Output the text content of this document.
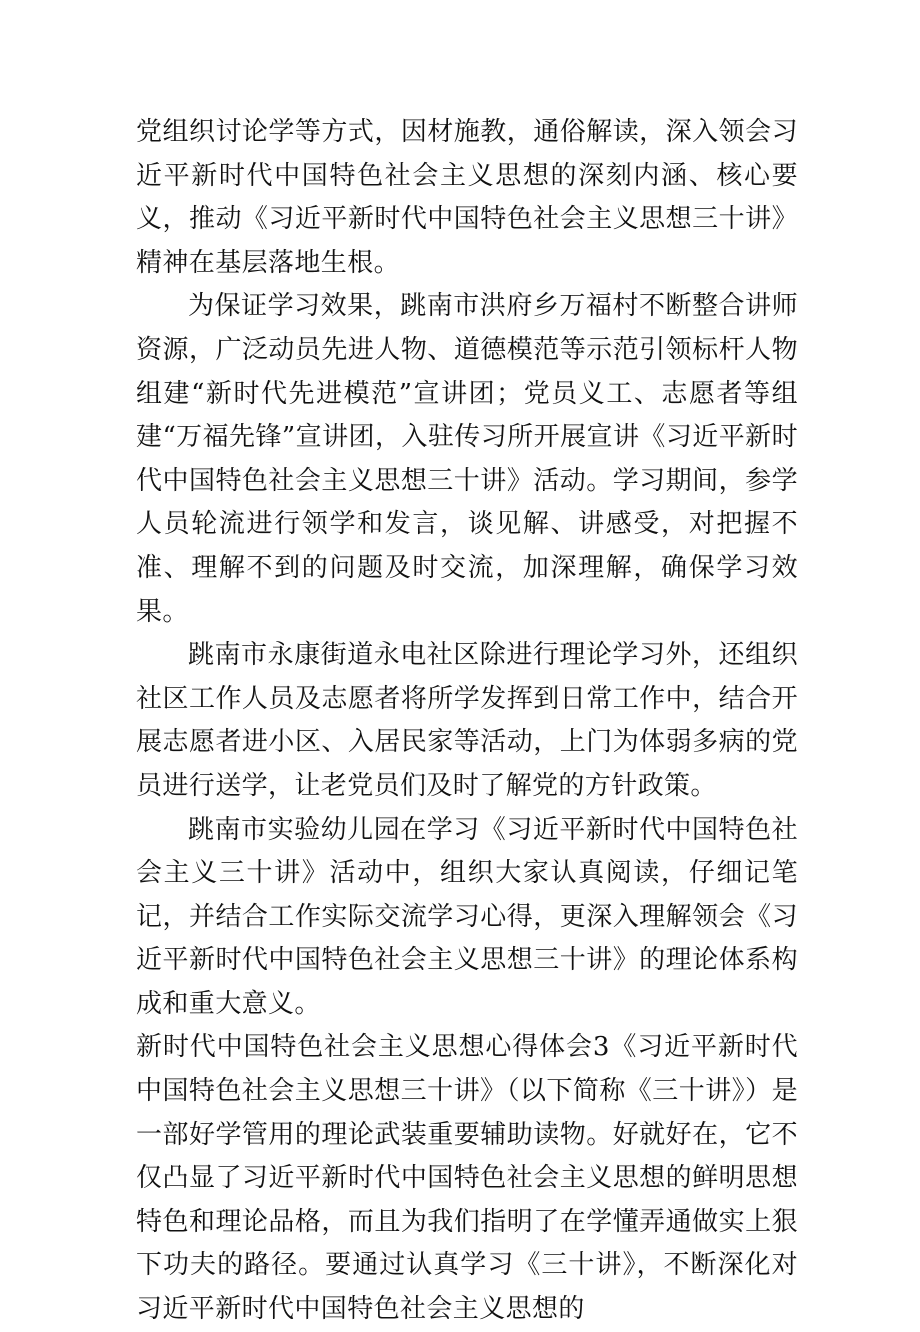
党组织讨论学等方式，因材施教，通俗解读，深入领会习近平新时代中国特色社会主义思想的深刻内涵、核心要义，推动《习近平新时代中国特色社会主义思想三十讲》精神在基层落地生根。

为保证学习效果，跳南市洪府乡万福村不断整合讲师资源，广泛动员先进人物、道德模范等示范引领标杆人物组建“新时代先进模范”宣讲团；党员义工、志愿者等组建“万福先锋”宣讲团，入驻传习所开展宣讲《习近平新时代中国特色社会主义思想三十讲》活动。学习期间，参学人员轮流进行领学和发言，谈见解、讲感受，对把握不准、理解不到的问题及时交流，加深理解，确保学习效果。

跳南市永康街道永电社区除进行理论学习外，还组织社区工作人员及志愿者将所学发挥到日常工作中，结合开展志愿者进小区、入居民家等活动，上门为体弱多病的党员进行送学，让老党员们及时了解党的方针政策。

跳南市实验幼儿园在学习《习近平新时代中国特色社会主义三十讲》活动中，组织大家认真阅读，仔细记笔记，并结合工作实际交流学习心得，更深入理解领会《习近平新时代中国特色社会主义思想三十讲》的理论体系构成和重大意义。

新时代中国特色社会主义思想心得体会3《习近平新时代中国特色社会主义思想三十讲》（以下简称《三十讲》）是一部好学管用的理论武装重要辅助读物。好就好在，它不仅凸显了习近平新时代中国特色社会主义思想的鲜明思想特色和理论品格，而且为我们指明了在学懂弄通做实上狠下功夫的路径。要通过认真学习《三十讲》，不断深化对习近平新时代中国特色社会主义思想的
